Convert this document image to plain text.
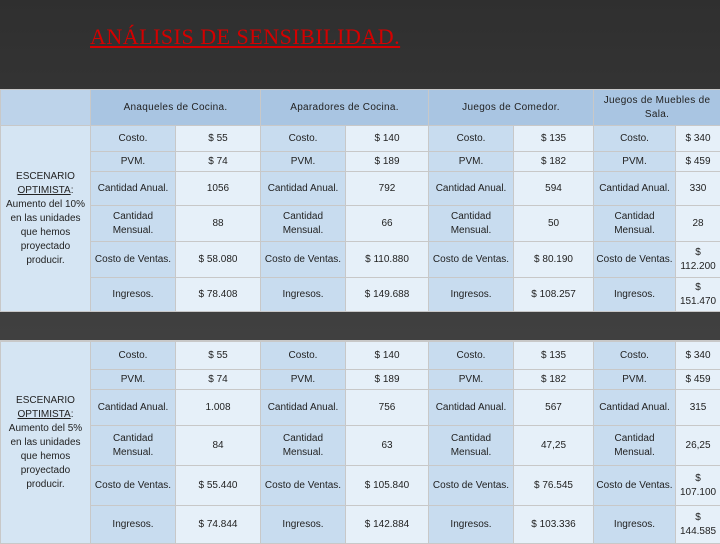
ANÁLISIS DE SENSIBILIDAD.
	Anaqueles de Cocina.		Aparadores de Cocina.		Juegos de Comedor.		Juegos de Muebles de Sala.	

ESCENARIO
OPTIMISTA: Aumento del 10% en las unidades que hemos proyectado producir.	Costo.	$ 55	Costo.	$ 140	Costo.	$ 135	Costo.	$ 340
	PVM.	$ 74	PVM.	$ 189	PVM.	$ 182	PVM.	$ 459
	Cantidad Anual.	1056	Cantidad Anual.	792	Cantidad Anual.	594	Cantidad Anual.	330
	Cantidad Mensual.	88	Cantidad Mensual.	66	Cantidad Mensual.	50	Cantidad Mensual.	28
	Costo de Ventas.	$ 58.080	Costo de Ventas.	$ 110.880	Costo de Ventas.	$ 80.190	Costo de Ventas.	$ 112.200
	Ingresos.	$ 78.408	Ingresos.	$ 149.688	Ingresos.	$ 108.257	Ingresos.	$ 151.470

ESCENARIO
OPTIMISTA: Aumento del 5% en las unidades que hemos proyectado producir.	Costo.	$ 55	Costo.	$ 140	Costo.	$ 135	Costo.	$ 340
	PVM.	$ 74	PVM.	$ 189	PVM.	$ 182	PVM.	$ 459
	Cantidad Anual.	1.008	Cantidad Anual.	756	Cantidad Anual.	567	Cantidad Anual.	315
	Cantidad Mensual.	84	Cantidad Mensual.	63	Cantidad Mensual.	47,25	Cantidad Mensual.	26,25
	Costo de Ventas.	$ 55.440	Costo de Ventas.	$ 105.840	Costo de Ventas.	$ 76.545	Costo de Ventas.	$ 107.100
	Ingresos.	$ 74.844	Ingresos.	$ 142.884	Ingresos.	$ 103.336	Ingresos.	$ 144.585
